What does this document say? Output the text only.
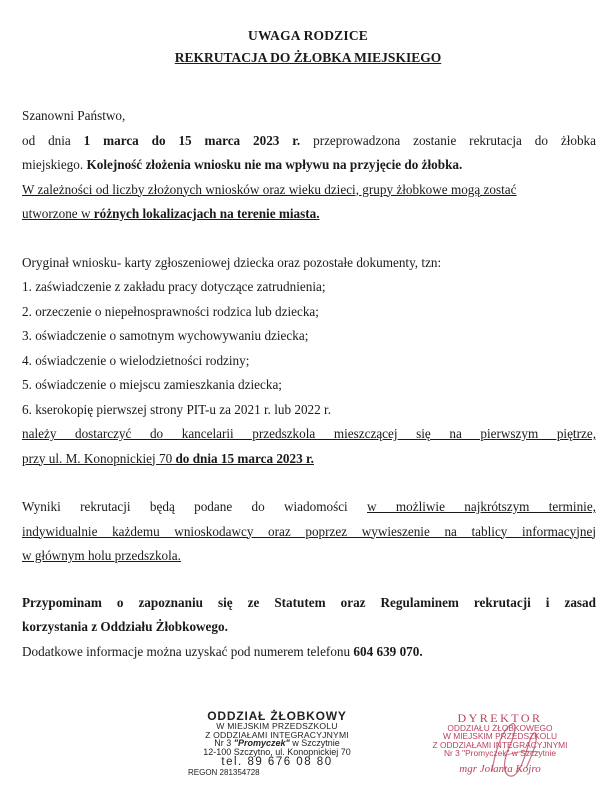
UWAGA RODZICE
REKRUTACJA DO ŻŁOBKA MIEJSKIEGO
Szanowni Państwo,
od dnia 1 marca do 15 marca 2023 r. przeprowadzona zostanie rekrutacja do żłobka
miejskiego. Kolejność złożenia wniosku nie ma wpływu na przyjęcie do żłobka.
W zależności od liczby złożonych wniosków oraz wieku dzieci, grupy żłobkowe mogą zostać
utworzone w różnych lokalizacjach na terenie miasta.
Oryginał wniosku- karty zgłoszeniowej dziecka oraz pozostałe dokumenty, tzn:
1. zaświadczenie z zakładu pracy dotyczące zatrudnienia;
2. orzeczenie o niepełnosprawności rodzica lub dziecka;
3. oświadczenie o samotnym wychowywaniu dziecka;
4. oświadczenie o wielodzietności rodziny;
5. oświadczenie o miejscu zamieszkania dziecka;
6. kserokopię pierwszej strony PIT-u za 2021 r. lub 2022 r.
należy dostarczyć do kancelarii przedszkola mieszczącej się na pierwszym piętrze,
przy ul. M. Konopnickiej 70 do dnia 15 marca 2023 r.
Wyniki rekrutacji będą podane do wiadomości w możliwie najkrótszym terminie,
indywidualnie każdemu wnioskodawcy oraz poprzez wywieszenie na tablicy informacyjnej
w głównym holu przedszkola.
Przypominam o zapoznaniu się ze Statutem oraz Regulaminem rekrutacji i zasad
korzystania z Oddziału Żłobkowego.
Dodatkowe informacje można uzyskać pod numerem telefonu 604 639 070.
ODDZIAŁ ŻŁOBKOWY
W MIEJSKIM PRZEDSZKOLU
Z ODDZIAŁAMI INTEGRACYJNYMI
Nr 3 "Promyczek" w Szczytnie
12-100 Szczytno, ul. Konopnickiej 70
tel. 89 676 08 80
REGON 281354728
DYREKTOR
ODDZIAŁU ŻŁOBKOWEGO
W MIEJSKIM PRZEDSZKOLU
Z ODDZIAŁAMI INTEGRACYJNYMI
Nr 3 "Promyczek" w Szczytnie
mgr Jolanta Kojro
